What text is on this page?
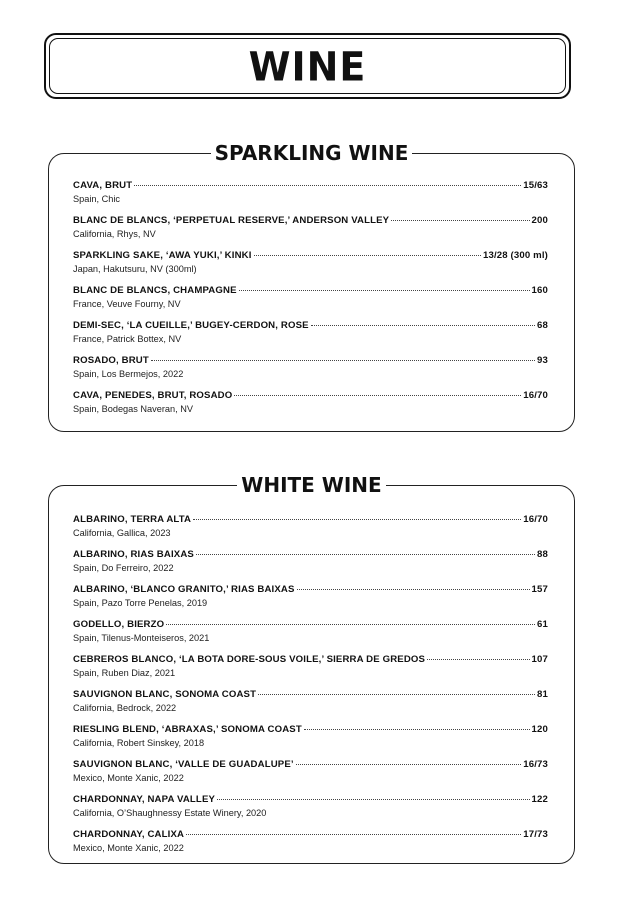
WINE
SPARKLING WINE
CAVA, BRUT	15/63
Spain, Chic
BLANC DE BLANCS, ‘PERPETUAL RESERVE,’ ANDERSON VALLEY	200
California, Rhys, NV
SPARKLING SAKE, ‘AWA YUKI,’ KINKI	13/28 (300 ml)
Japan, Hakutsuru, NV (300ml)
BLANC DE BLANCS, CHAMPAGNE	160
France, Veuve Fourny, NV
DEMI-SEC, ‘LA CUEILLE,’ BUGEY-CERDON, ROSE	68
France, Patrick Bottex, NV
ROSADO, BRUT	93
Spain, Los Bermejos, 2022
CAVA, PENEDES, BRUT, ROSADO	16/70
Spain, Bodegas Naveran, NV
WHITE WINE
ALBARINO, TERRA ALTA	16/70
California, Gallica, 2023
ALBARINO, RIAS BAIXAS	88
Spain, Do Ferreiro, 2022
ALBARINO, ‘BLANCO GRANITO,’ RIAS BAIXAS	157
Spain, Pazo Torre Penelas, 2019
GODELLO, BIERZO	61
Spain, Tilenus-Monteiseros, 2021
CEBREROS BLANCO, ‘LA BOTA DORE-SOUS VOILE,’ SIERRA DE GREDOS	107
Spain, Ruben Diaz, 2021
SAUVIGNON BLANC, SONOMA COAST	81
California, Bedrock, 2022
RIESLING BLEND, ‘ABRAXAS,’ SONOMA COAST	120
California, Robert Sinskey, 2018
SAUVIGNON BLANC, ‘VALLE DE GUADALUPE’	16/73
Mexico, Monte Xanic, 2022
CHARDONNAY, NAPA VALLEY	122
California, O’Shaughnessy Estate Winery, 2020
CHARDONNAY, CALIXA	17/73
Mexico, Monte Xanic, 2022
